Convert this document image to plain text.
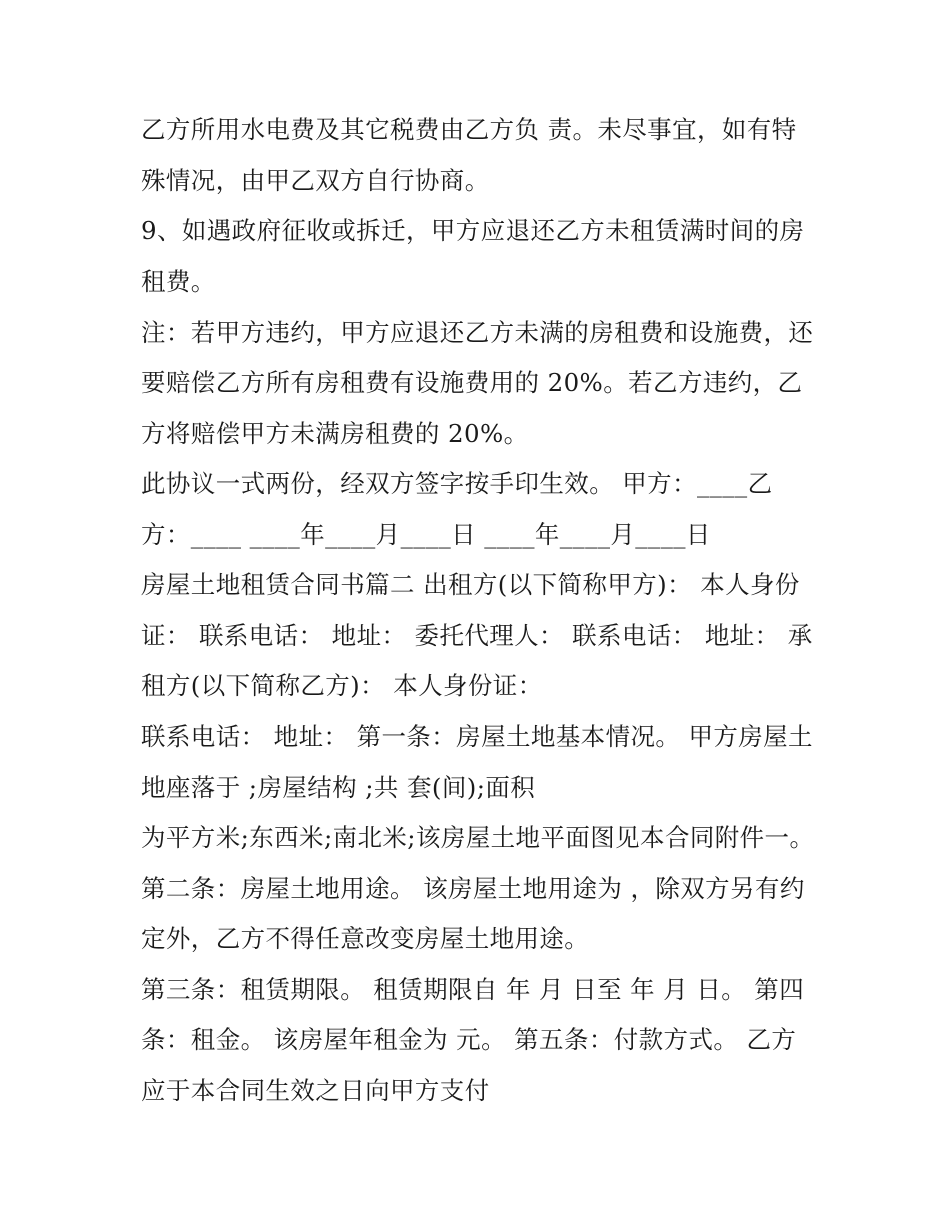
乙方所用水电费及其它税费由乙方负 责。未尽事宜，如有特
殊情况，由甲乙双方自行协商。
9、如遇政府征收或拆迁，甲方应退还乙方未租赁满时间的房
租费。
注：若甲方违约，甲方应退还乙方未满的房租费和设施费，还
要赔偿乙方所有房租费有设施费用的 20%。若乙方违约，乙
方将赔偿甲方未满房租费的 20%。
此协议一式两份，经双方签字按手印生效。 甲方：____乙
方：____ ____年____月____日 ____年____月____日
房屋土地租赁合同书篇二 出租方(以下简称甲方)： 本人身份
证： 联系电话： 地址： 委托代理人： 联系电话： 地址： 承
租方(以下简称乙方)： 本人身份证：
联系电话： 地址： 第一条：房屋土地基本情况。 甲方房屋土
地座落于 ;房屋结构 ;共 套(间);面积
为平方米;东西米;南北米;该房屋土地平面图见本合同附件一。
第二条：房屋土地用途。 该房屋土地用途为 ，除双方另有约
定外，乙方不得任意改变房屋土地用途。
第三条：租赁期限。 租赁期限自 年 月 日至 年 月 日。 第四
条：租金。 该房屋年租金为 元。 第五条：付款方式。 乙方
应于本合同生效之日向甲方支付
